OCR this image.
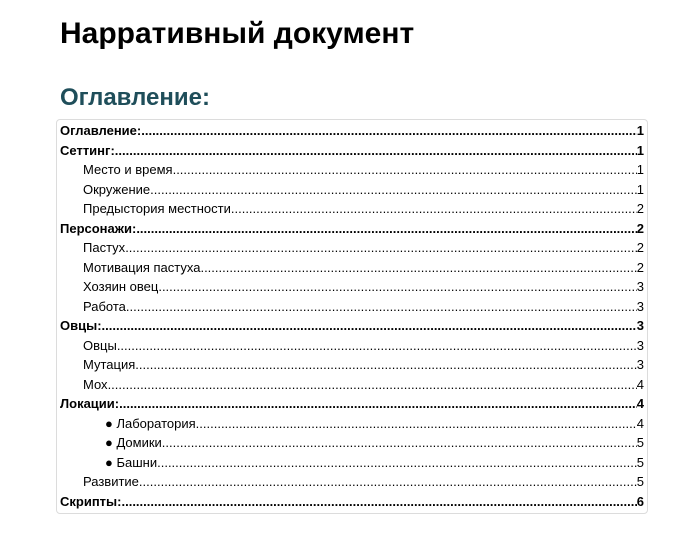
Нарративный документ
Оглавление:
Оглавление: .....	1
Сеттинг: .....	1
Место и время .....	1
Окружение .....	1
Предыстория местности .....	2
Персонажи: .....	2
Пастух .....	2
Мотивация пастуха .....	2
Хозяин овец .....	3
Работа .....	3
Овцы: .....	3
Овцы .....	3
Мутация .....	3
Мох .....	4
Локации: .....	4
● Лаборатория .....	4
● Домики .....	5
● Башни .....	5
Развитие .....	5
Скрипты: .....	6
